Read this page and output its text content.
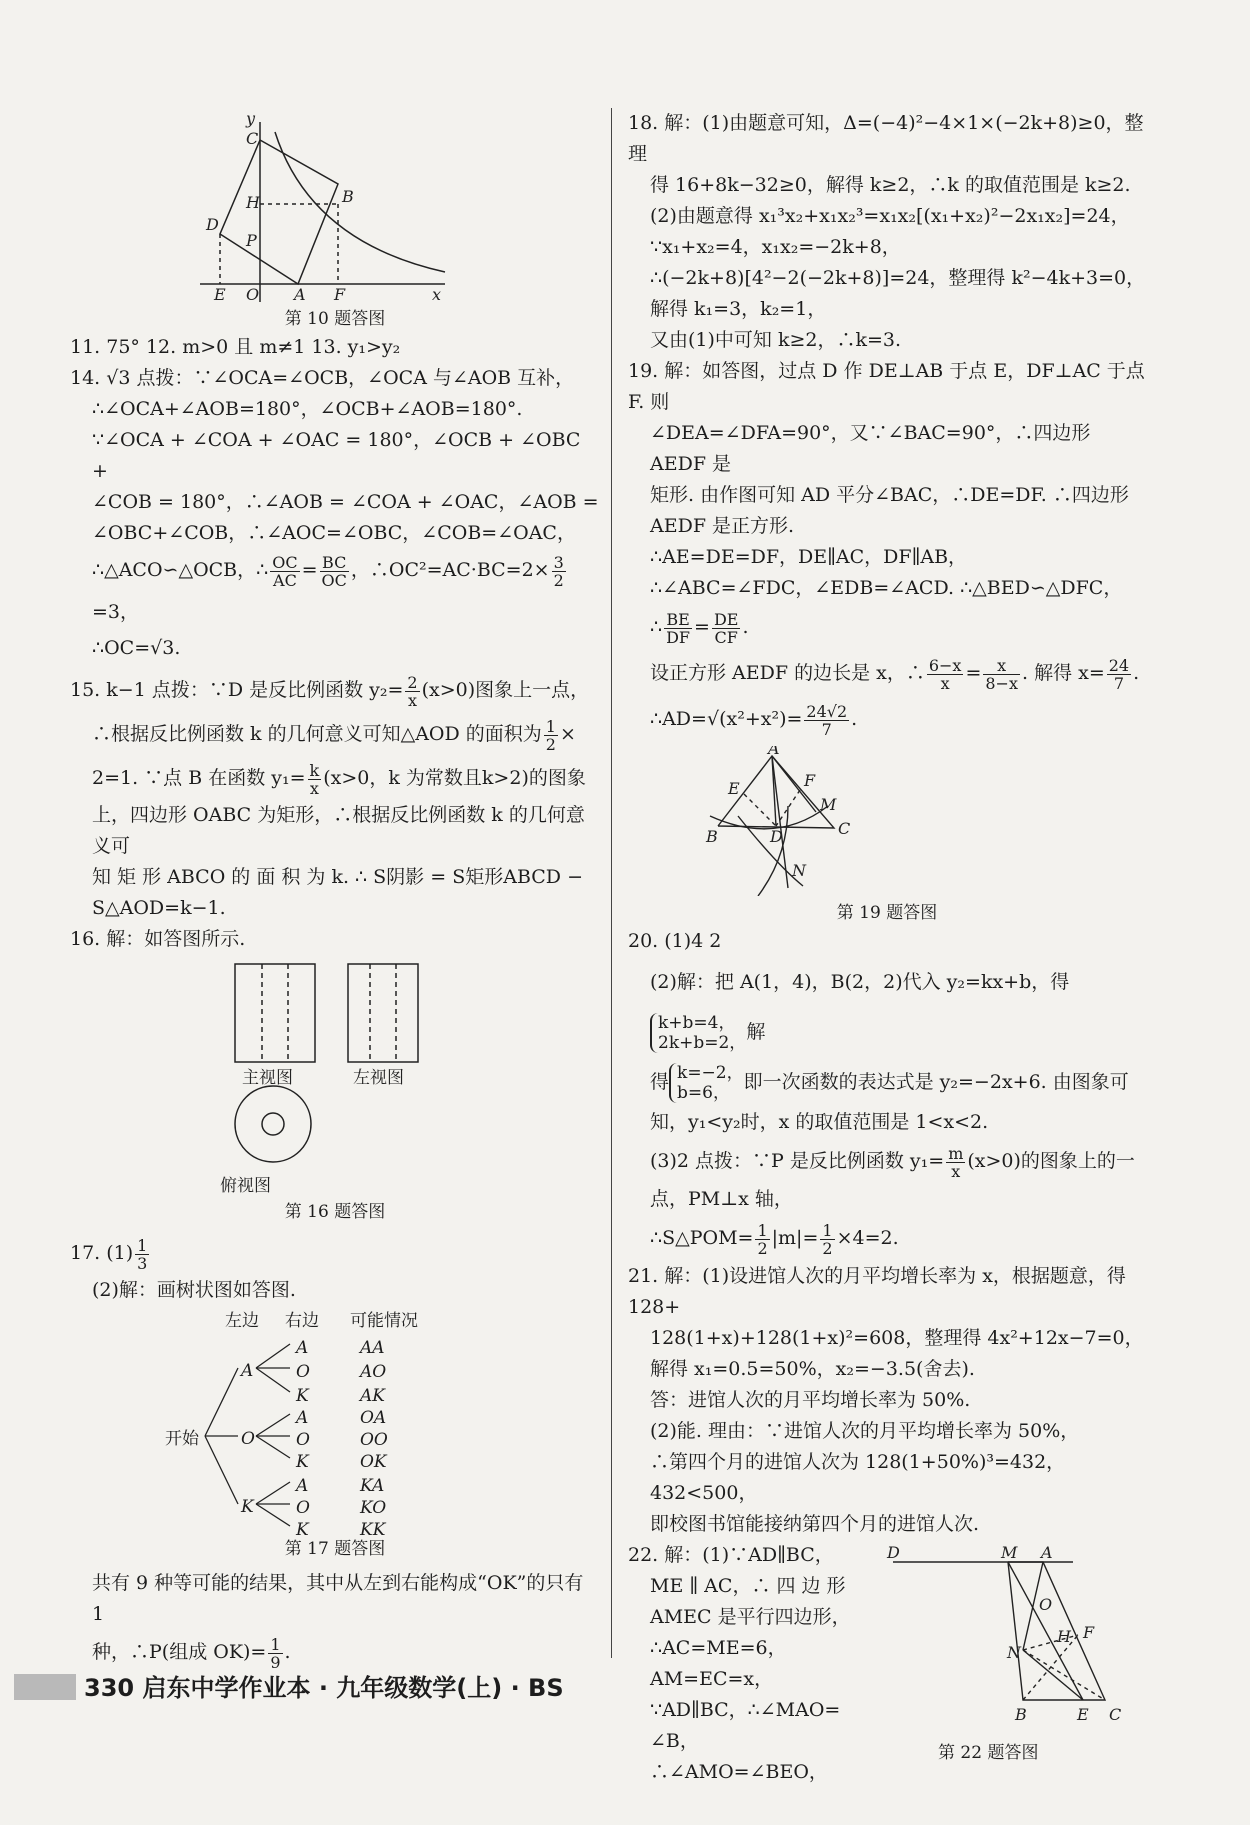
y
C
D
H	B
P
E O A F	x
第 10 题答图

11. 75° 12. m>0 且 m≠1 13. y₁>y₂

14. √3 点拨：∵∠OCA=∠OCB，∠OCA 与∠AOB 互补，

∴∠OCA+∠AOB=180°，∠OCB+∠AOB=180°.

∵∠OCA + ∠COA + ∠OAC = 180°，∠OCB + ∠OBC +

∠COB = 180°，∴∠AOB = ∠COA + ∠OAC，∠AOB =

∠OBC+∠COB，∴∠AOC=∠OBC，∠COB=∠OAC，

∴△ACO∽△OCB，∴ $\frac{OC}{AC} = \frac{BC}{OC}$ ，∴OC²=AC·BC=2× $\frac{3}{2}$
=3，

∴OC=√3.

15. k−1 点拨：∵D 是反比例函数 $y_2= \frac{2}{x} (x>0)$图象上一点，

∴根据反比例函数 k 的几何意义可知△AOD 的面积为 $\frac{1}{2}$ ×

2=1. ∵点 B 在函数 $y_1= \frac{k}{x} (x>0$，k 为常数且k>2)的图象

上，四边形 OABC 为矩形，∴根据反比例函数 k 的几何意义可

知 矩 形 ABCO 的 面 积 为 k. ∴ S阴影 = S矩形ABCD −

S△AOD=k−1.

16. 解：如答图所示.

主视图	左视图
俯视图
第 16 题答图

17. $(1) \frac{1}{3}$

(2)解：画树状图如答图.

左边 右边 可能情况
开始
A
O
K
A
O
K
A
O
K
A
O
K
AA
AO
AK
OA
OO
OK
KA
KO
KK
第 17 题答图

共有 9 种等可能的结果，其中从左到右能构成“OK”的只有 1

种，∴P(组成 $OK)= \frac{1}{9}$ .

18. 解：(1)由题意可知，Δ=(−4)²−4×1×(−2k+8)≥0，整理

得 16+8k−32≥0，解得 k≥2，∴k 的取值范围是 k≥2.

(2)由题意得 x₁³x₂+x₁x₂³=x₁x₂[(x₁+x₂)²−2x₁x₂]=24，

∵x₁+x₂=4，x₁x₂=−2k+8，

∴(−2k+8)[4²−2(−2k+8)]=24，整理得 k²−4k+3=0，

解得 k₁=3，k₂=1，

又由(1)中可知 k≥2，∴k=3.

19. 解：如答图，过点 D 作 DE⊥AB 于点 E，DF⊥AC 于点 F. 则

∠DEA=∠DFA=90°，又∵∠BAC=90°，∴四边形 AEDF 是

矩形. 由作图可知 AD 平分∠BAC，∴DE=DF. ∴四边形

AEDF 是正方形.

∴AE=DE=DF，DE∥AC，DF∥AB，

∴∠ABC=∠FDC，∠EDB=∠ACD. ∴△BED∽△DFC，

∴ $\frac{BE}{DF} = \frac{DE}{CF}$ .

设正方形 AEDF 的边长是 x，∴ $\frac{6-x}{x} = \frac{x}{8-x}$ . 解得 $x= \frac{24}{7}$ .

∴AD=√(x²+x²)= $\frac{24√2}{7}$ .

A
E	F
M
B	D	C
N
第 19 题答图

20. (1)4 2

(2)解：把 A(1，4)，B(2，2)代入 y₂=kx+b，得
k+b=4，
2k+b=2， 解

得 k=−2，
b=6， 即一次函数的表达式是 y₂=−2x+6. 由图象可

知，y₁<y₂时，x 的取值范围是 1<x<2.

(3)2 点拨：∵P 是反比例函数 $y_1= \frac{m}{x} (x>0)$的图象上的一

点，PM⊥x 轴，

∴S△POM= $\frac{1}{2} |m|= \frac{1}{2} \times 4=2$.

21. 解：(1)设进馆人次的月平均增长率为 x，根据题意，得 128+

128(1+x)+128(1+x)²=608，整理得 4x²+12x−7=0，

解得 x₁=0.5=50%，x₂=−3.5(舍去).

答：进馆人次的月平均增长率为 50%.

(2)能. 理由：∵进馆人次的月平均增长率为 50%，

∴第四个月的进馆人次为 128(1+50%)³=432，432<500，

即校图书馆能接纳第四个月的进馆人次.

22. 解：(1)∵AD∥BC，

ME ∥ AC，∴ 四 边 形

AMEC 是平行四边形，

∴AC=ME=6，

AM=EC=x，

∵AD∥BC，∴∠MAO=

∠B，∴∠AMO=∠BEO，

D	M A
O
H F
N
B	E C
第 22 题答图
330 启东中学作业本 · 九年级数学(上) · BS
